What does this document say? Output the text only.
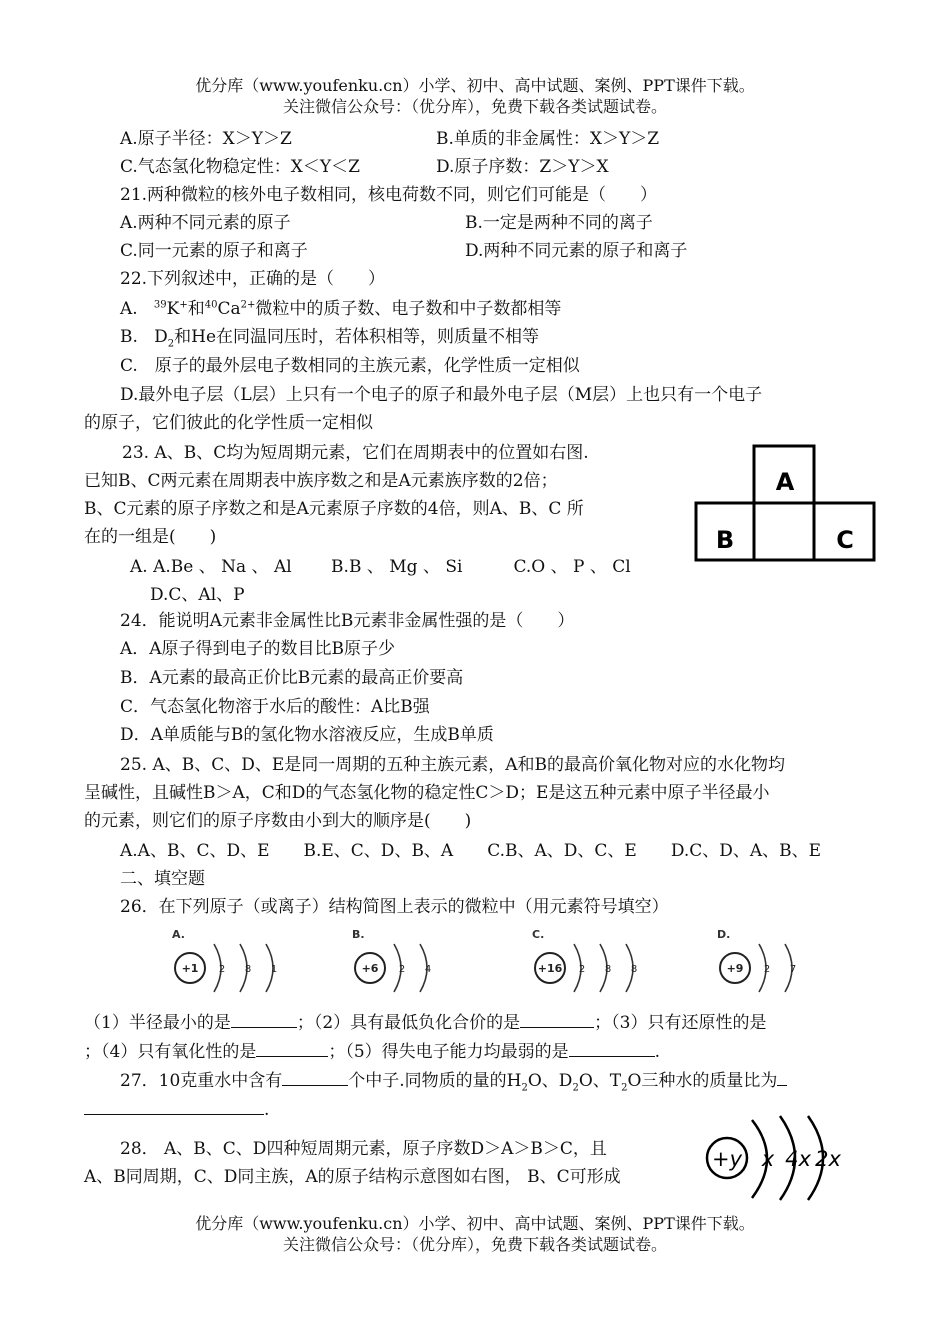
优分库（www.youfenku.cn）小学、初中、高中试题、案例、PPT课件下载。
关注微信公众号：（优分库），免费下载各类试题试卷。
A.原子半径：X＞Y＞Z	B.单质的非金属性：X＞Y＞Z
C.气态氢化物稳定性：X＜Y＜Z	D.原子序数：Z＞Y＞X
21.两种微粒的核外电子数相同，核电荷数不同，则它们可能是（　　）
A.两种不同元素的原子	B.一定是两种不同的离子
C.同一元素的原子和离子	D.两种不同元素的原子和离子
22.下列叙述中，正确的是（　　）
A. $^{39}$K+和$^{40}Ca^{2+}$微粒中的质子数、电子数和中子数都相等
B. $D_2$和He在同温同压时，若体积相等，则质量不相等
C.　原子的最外层电子数相同的主族元素，化学性质一定相似
D.最外电子层（L层）上只有一个电子的原子和最外电子层（M层）上也只有一个电子
的原子，它们彼此的化学性质一定相似
23. A、B、C均为短周期元素，它们在周期表中的位置如右图.
已知B、C两元素在周期表中族序数之和是A元素族序数的2倍；
B、C元素的原子序数之和是A元素原子序数的4倍，则A、B、C 所
在的一组是(　　)
A. A.Be 、 Na 、 Al　　 B.B 、 Mg 、 Si　　　C.O 、 P 、 Cl
D.C、Al、P
A
B	C
24．能说明A元素非金属性比B元素非金属性强的是（　　）
A．A原子得到电子的数目比B原子少
B．A元素的最高正价比B元素的最高正价要高
C．气态氢化物溶于水后的酸性：A比B强
D．A单质能与B的氢化物水溶液反应，生成B单质
25. A、B、C、D、E是同一周期的五种主族元素，A和B的最高价氧化物对应的水化物均
呈碱性，且碱性B＞A，C和D的气态氢化物的稳定性C＞D；E是这五种元素中原子半径最小
的元素，则它们的原子序数由小到大的顺序是(　　)
A.A、B、C、D、E　　B.E、C、D、B、A　　C.B、A、D、C、E　　D.C、D、A、B、E
二、填空题
26．在下列原子（或离子）结构简图上表示的微粒中（用元素符号填空）
A.
+1 2 8 1
B.
+6 2 4
C.
+16 2 8 8
D.
+9 2 7
（1）半径最小的是	；（2）具有最低负化合价的是	；（3）只有还原性的是
；（4）只有氧化性的是	；（5）得失电子能力均最弱的是	.
27．10克重水中含有	个中子.同物质的量的$H_2O$、$D_2O$、$T_2O$三种水的质量比为
.
28． A、B、C、D四种短周期元素，原子序数D＞A＞B＞C，且
A、B同周期，C、D同主族，A的原子结构示意图如右图， B、C可形成
+y x 4x 2x
优分库（www.youfenku.cn）小学、初中、高中试题、案例、PPT课件下载。
关注微信公众号：（优分库），免费下载各类试题试卷。
